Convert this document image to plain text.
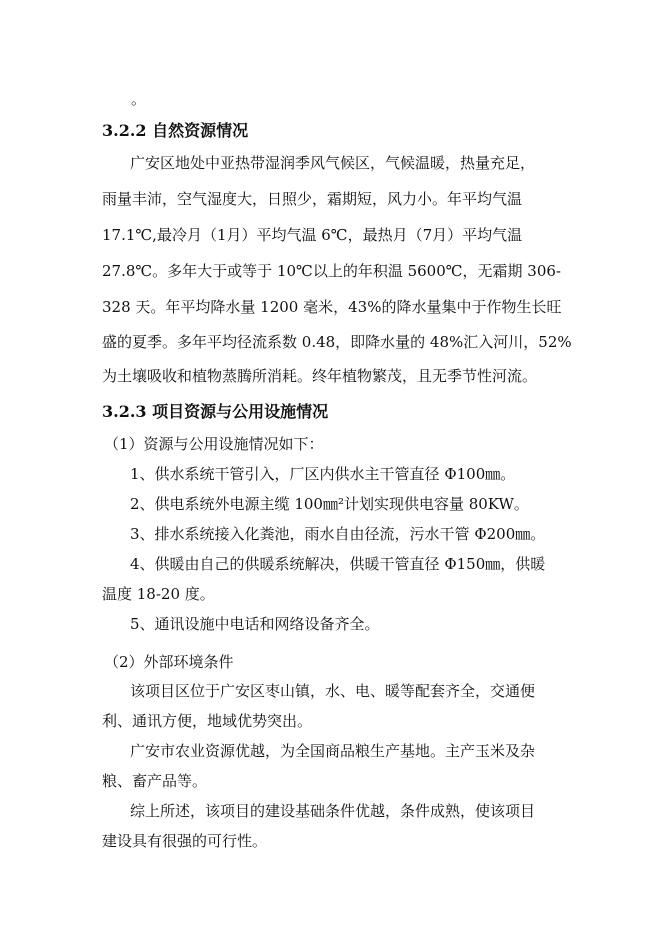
。
3.2.2 自然资源情况
广安区地处中亚热带湿润季风气候区，气候温暖，热量充足，
雨量丰沛，空气湿度大，日照少，霜期短，风力小。年平均气温
17.1℃,最冷月（1月）平均气温 6℃，最热月（7月）平均气温
27.8℃。多年大于或等于 10℃以上的年积温 5600℃，无霜期 306-
328 天。年平均降水量 1200 毫米，43%的降水量集中于作物生长旺
盛的夏季。多年平均径流系数 0.48，即降水量的 48%汇入河川，52%
为土壤吸收和植物蒸腾所消耗。终年植物繁茂，且无季节性河流。
3.2.3 项目资源与公用设施情况
（1）资源与公用设施情况如下：
1、供水系统干管引入，厂区内供水主干管直径 Φ100㎜。
2、供电系统外电源主缆 100㎜²计划实现供电容量 80KW。
3、排水系统接入化粪池，雨水自由径流，污水干管 Φ200㎜。
4、供暖由自己的供暖系统解决，供暖干管直径 Φ150㎜，供暖
温度 18-20 度。
5、通讯设施中电话和网络设备齐全。
（2）外部环境条件
该项目区位于广安区枣山镇，水、电、暖等配套齐全，交通便
利、通讯方便，地域优势突出。
广安市农业资源优越，为全国商品粮生产基地。主产玉米及杂
粮、畜产品等。
综上所述，该项目的建设基础条件优越，条件成熟，使该项目
建设具有很强的可行性。
